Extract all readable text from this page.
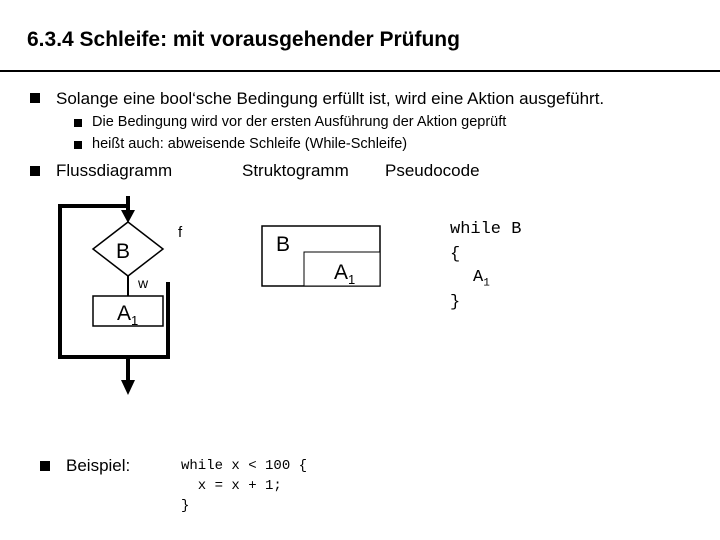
6.3.4 Schleife: mit vorausgehender Prüfung
Solange eine bool‘sche Bedingung erfüllt ist, wird eine Aktion ausgeführt.
Die Bedingung wird vor der ersten Ausführung der Aktion geprüft
heißt auch: abweisende Schleife (While-Schleife)
Flussdiagramm	Struktogramm Pseudocode
B
f
w
$A_1$
B
$A_1$
while B
{
$A_1$
}
Beispiel:	while x < 100 {
x = x + 1;
}
